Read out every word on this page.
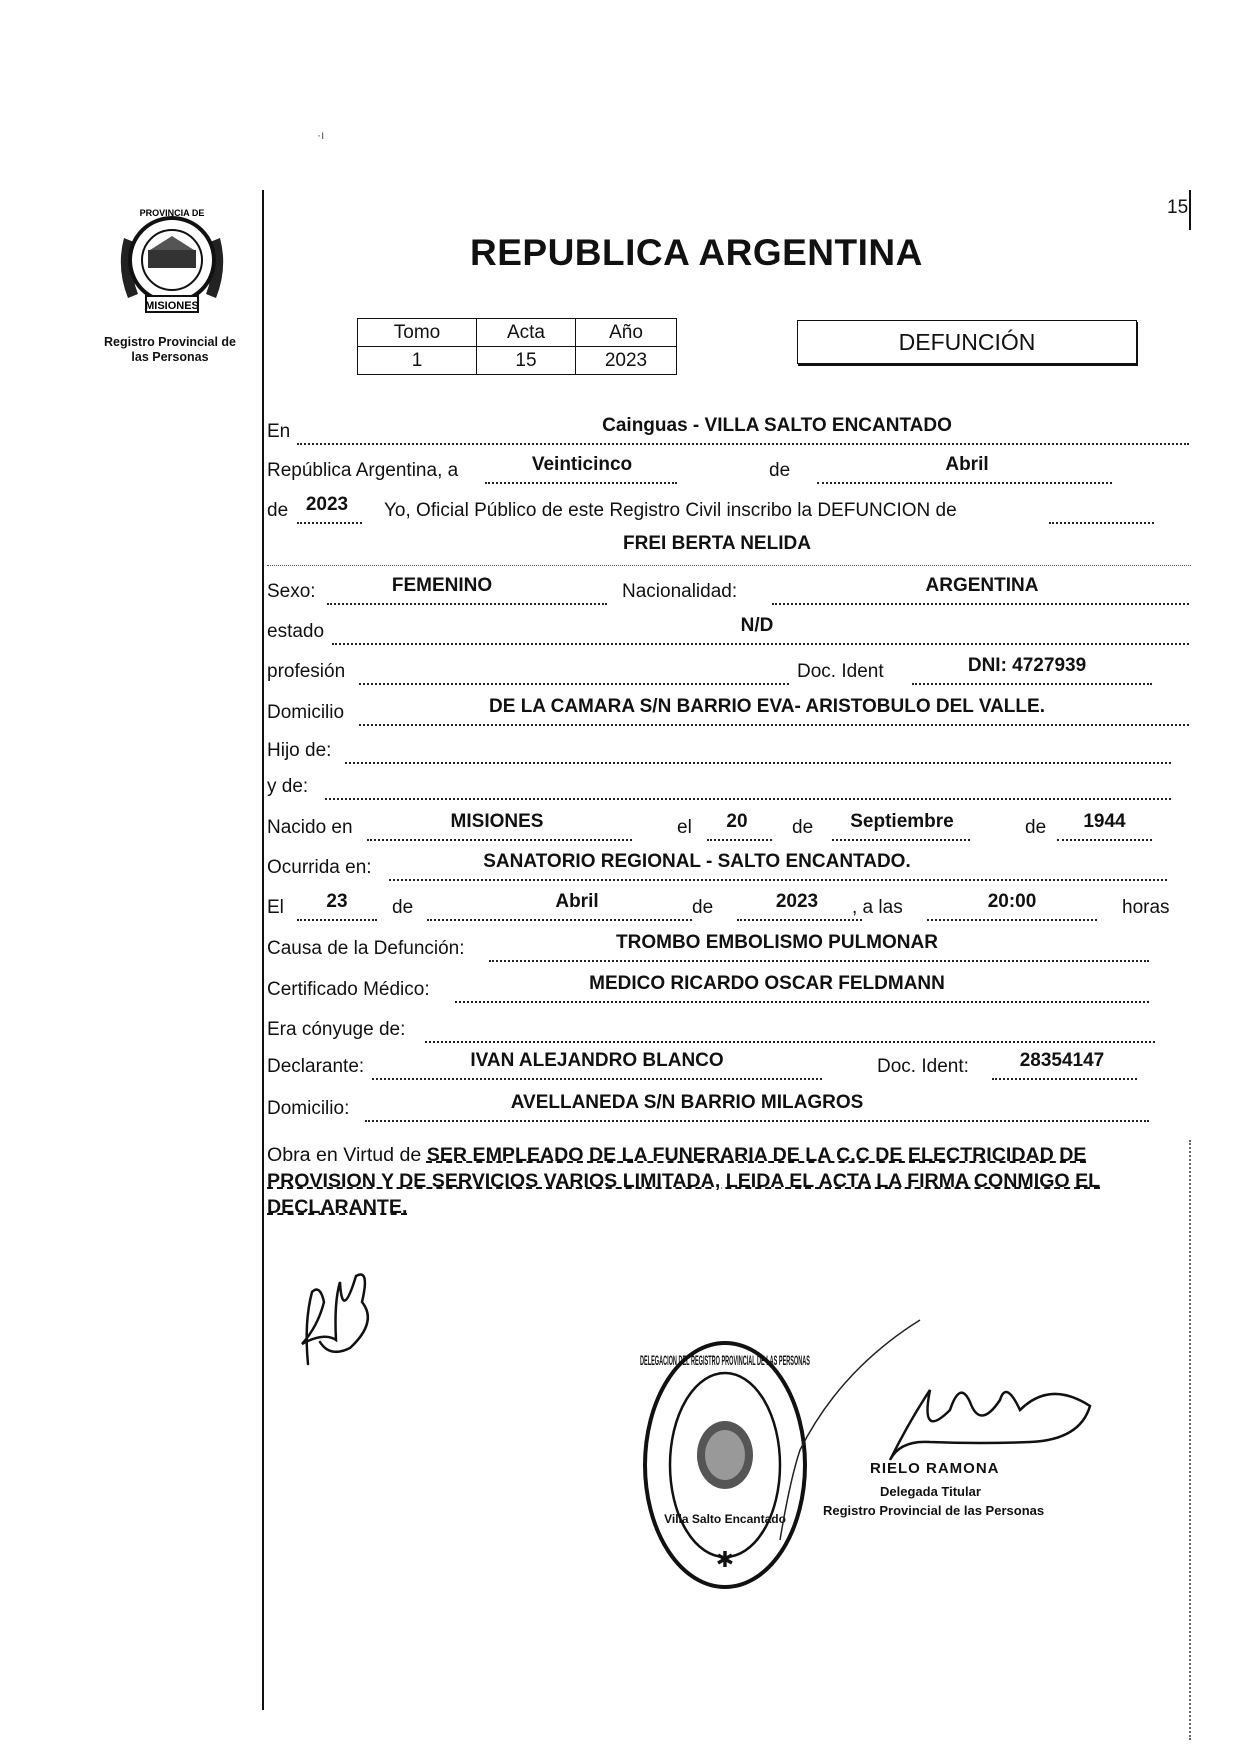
·ı
MISIONES
PROVINCIA DE
Registro Provincial de
las Personas
15
REPUBLICA ARGENTINA
Tomo	Acta	Año
1	15	2023
DEFUNCIÓN
En	Cainguas - VILLA SALTO ENCANTADO
República Argentina, a	Veinticinco	de	Abril
de 2023	Yo, Oficial Público de este Registro Civil inscribo la DEFUNCION de
FREI BERTA NELIDA
Sexo:	FEMENINO	Nacionalidad:	ARGENTINA
estado	N/D
profesión	Doc. Ident	DNI: 4727939
Domicilio	DE LA CAMARA S/N BARRIO EVA- ARISTOBULO DEL VALLE.
Hijo de:
y de:
Nacido en	MISIONES	el	20	de	Septiembre	de	1944
Ocurrida en:	SANATORIO REGIONAL - SALTO ENCANTADO.
El	23	de	Abril	de	2023	, a las	20:00	horas
Causa de la Defunción:	TROMBO EMBOLISMO PULMONAR
Certificado Médico:	MEDICO RICARDO OSCAR FELDMANN
Era cónyuge de:
Declarante:	IVAN ALEJANDRO BLANCO	Doc. Ident:	28354147
Domicilio:	AVELLANEDA S/N BARRIO MILAGROS
Obra en Virtud de SER EMPLEADO DE LA FUNERARIA DE LA C.C DE ELECTRICIDAD DE PROVISION Y DE SERVICIOS VARIOS LIMITADA, LEIDA EL ACTA LA FIRMA CONMIGO EL DECLARANTE.
DELEGACION DEL REGISTRO PROVINCIAL DE LAS PERSONAS
Villa Salto Encantado
✱
RIELO RAMONA
Delegada Titular
Registro Provincial de las Personas
